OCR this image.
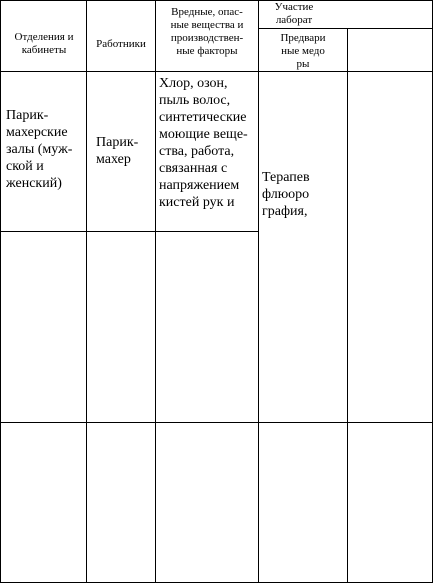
Отделения и
кабинеты	Работники
Вредные, опас-
ные вещества и
производствен-
ные факторы
Участие
лаборат
Предвари
ные медо
ры
Парик-
махерские
залы (муж-
ской и
женский)
Парик-
махер
Хлор, озон,
пыль волос,
синтетические
моющие веще-
ства, работа,
связанная с
напряжением
кистей рук и
Терапев
флюоро
графия,
